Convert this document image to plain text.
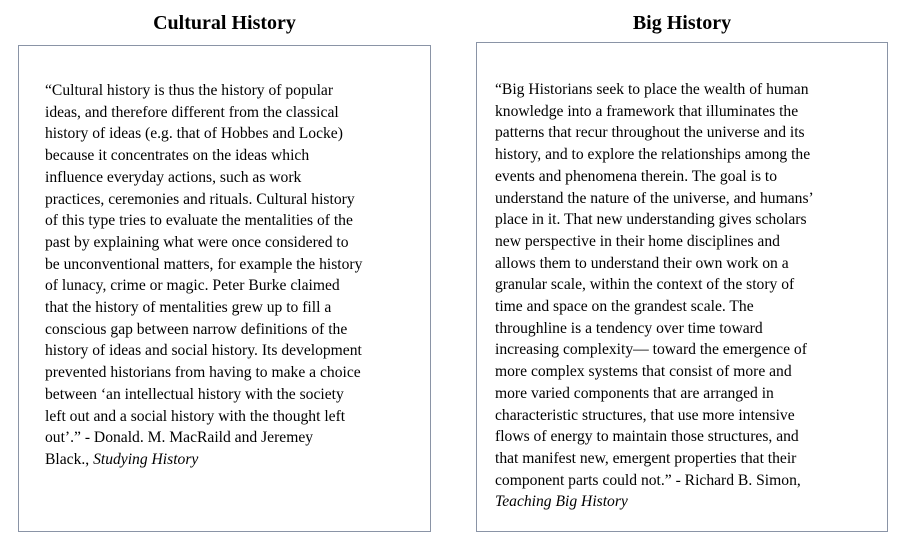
Cultural History	Big History
“Cultural history is thus the history of popular
ideas, and therefore different from the classical
history of ideas (e.g. that of Hobbes and Locke)
because it concentrates on the ideas which
influence everyday actions, such as work
practices, ceremonies and rituals. Cultural history
of this type tries to evaluate the mentalities of the
past by explaining what were once considered to
be unconventional matters, for example the history
of lunacy, crime or magic. Peter Burke claimed
that the history of mentalities grew up to fill a
conscious gap between narrow definitions of the
history of ideas and social history. Its development
prevented historians from having to make a choice
between ‘an intellectual history with the society
left out and a social history with the thought left
out’.” - Donald. M. MacRaild and Jeremey
Black., Studying History
“Big Historians seek to place the wealth of human
knowledge into a framework that illuminates the
patterns that recur throughout the universe and its
history, and to explore the relationships among the
events and phenomena therein. The goal is to
understand the nature of the universe, and humans’
place in it. That new understanding gives scholars
new perspective in their home disciplines and
allows them to understand their own work on a
granular scale, within the context of the story of
time and space on the grandest scale. The
throughline is a tendency over time toward
increasing complexity— toward the emergence of
more complex systems that consist of more and
more varied components that are arranged in
characteristic structures, that use more intensive
flows of energy to maintain those structures, and
that manifest new, emergent properties that their
component parts could not.” - Richard B. Simon,
Teaching Big History
